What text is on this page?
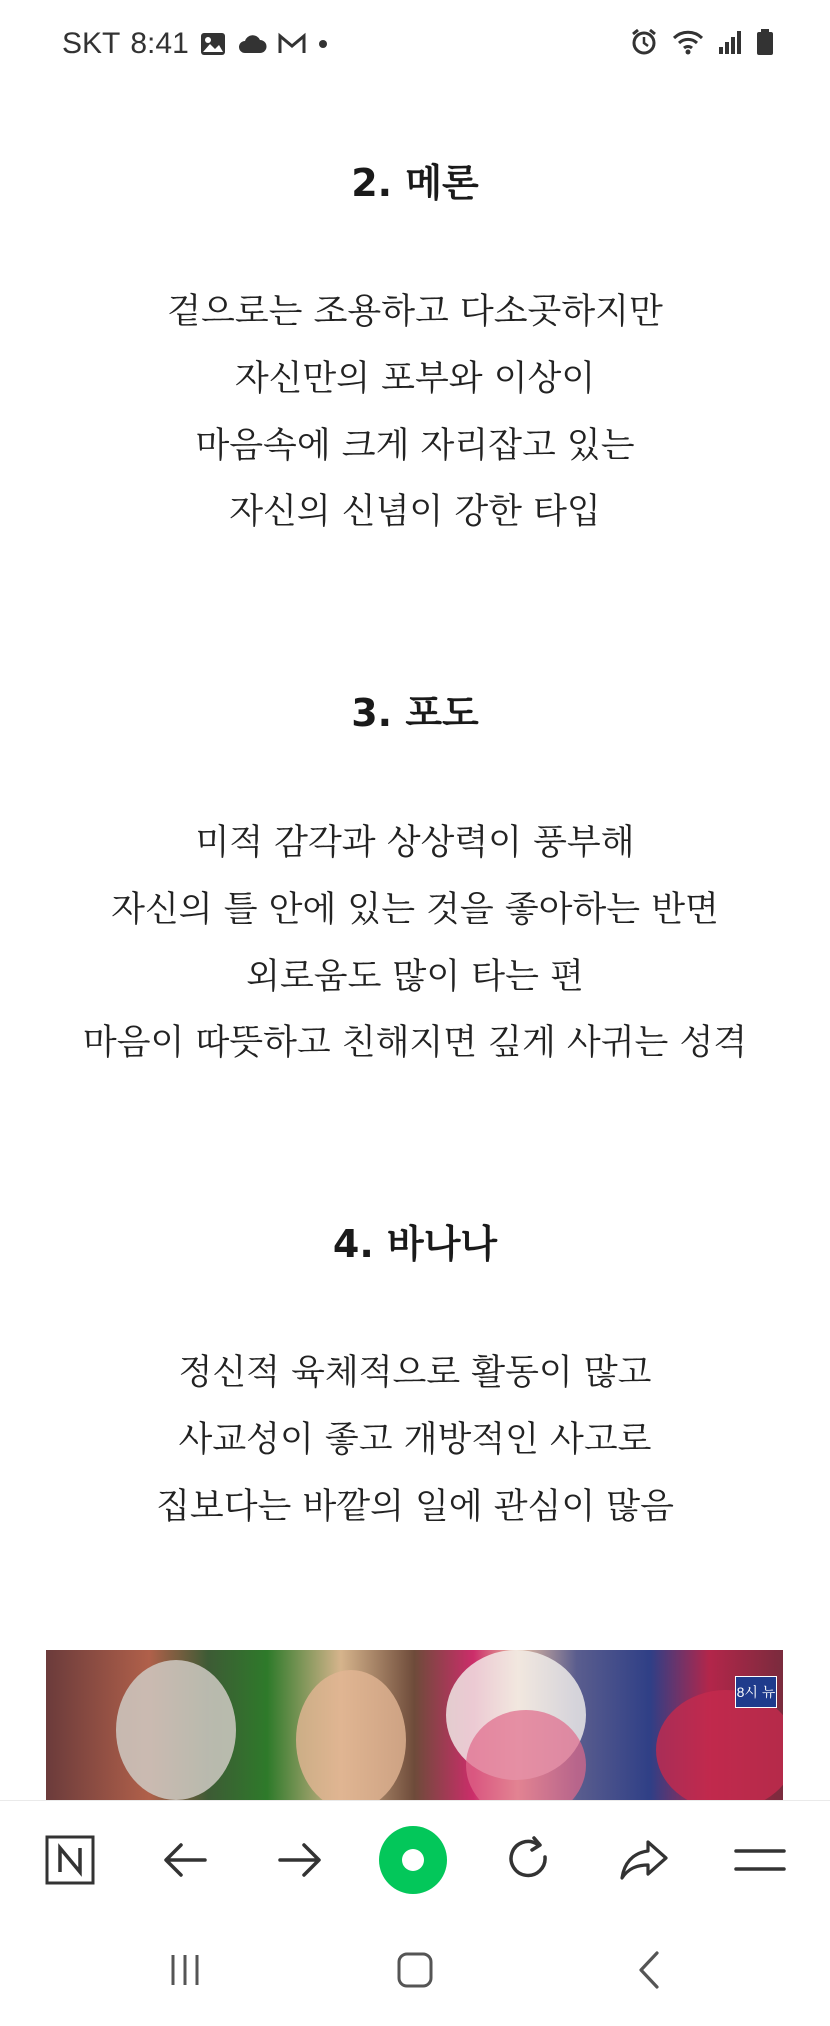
SKT 8:41
2. 메론
겉으로는 조용하고 다소곳하지만
자신만의 포부와 이상이
마음속에 크게 자리잡고 있는
자신의 신념이 강한 타입
3. 포도
미적 감각과 상상력이 풍부해
자신의 틀 안에 있는 것을 좋아하는 반면
외로움도 많이 타는 편
마음이 따뜻하고 친해지면 깊게 사귀는 성격
4. 바나나
정신적 육체적으로 활동이 많고
사교성이 좋고 개방적인 사고로
집보다는 바깥의 일에 관심이 많음
8시 뉴
